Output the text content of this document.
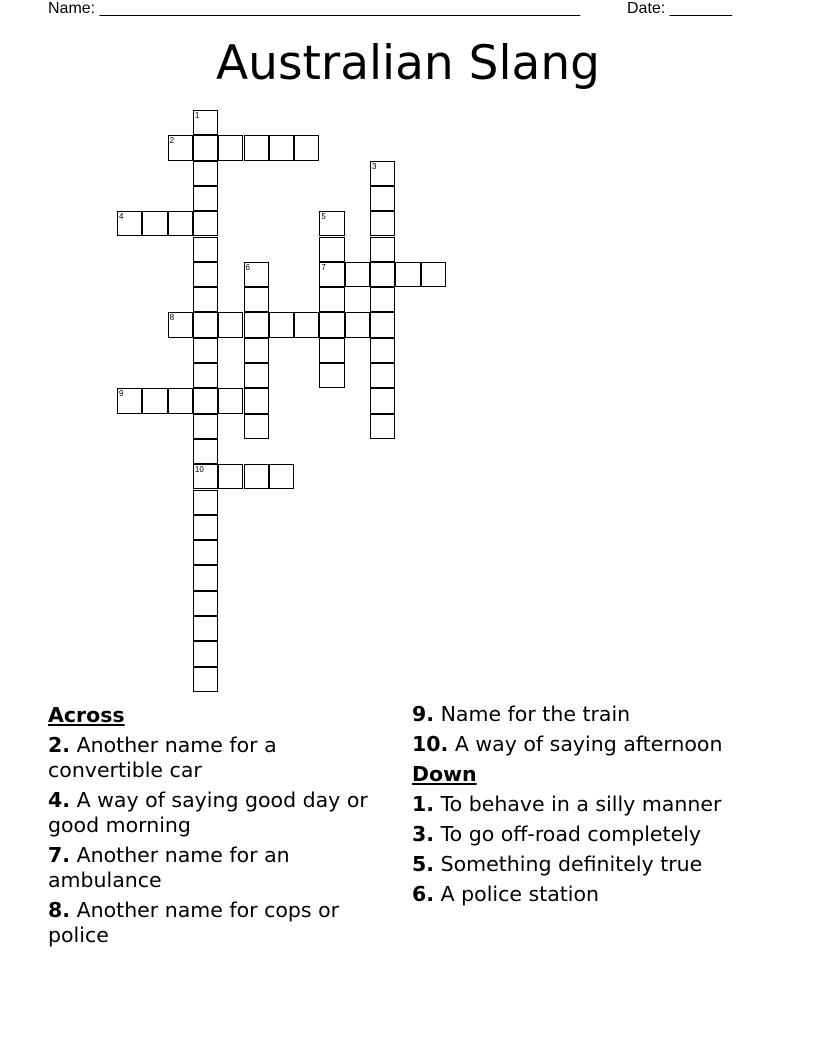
Name: ______________________________________________________	Date: _______
Australian Slang
1
10
2
3
4	5
7
6
8
9
Across
2. Another name for a convertible car
4. A way of saying good day or good morning
7. Another name for an ambulance
8. Another name for cops or police
9. Name for the train
10. A way of saying afternoon
Down
1. To behave in a silly manner
3. To go off-road completely
5. Something definitely true
6. A police station
